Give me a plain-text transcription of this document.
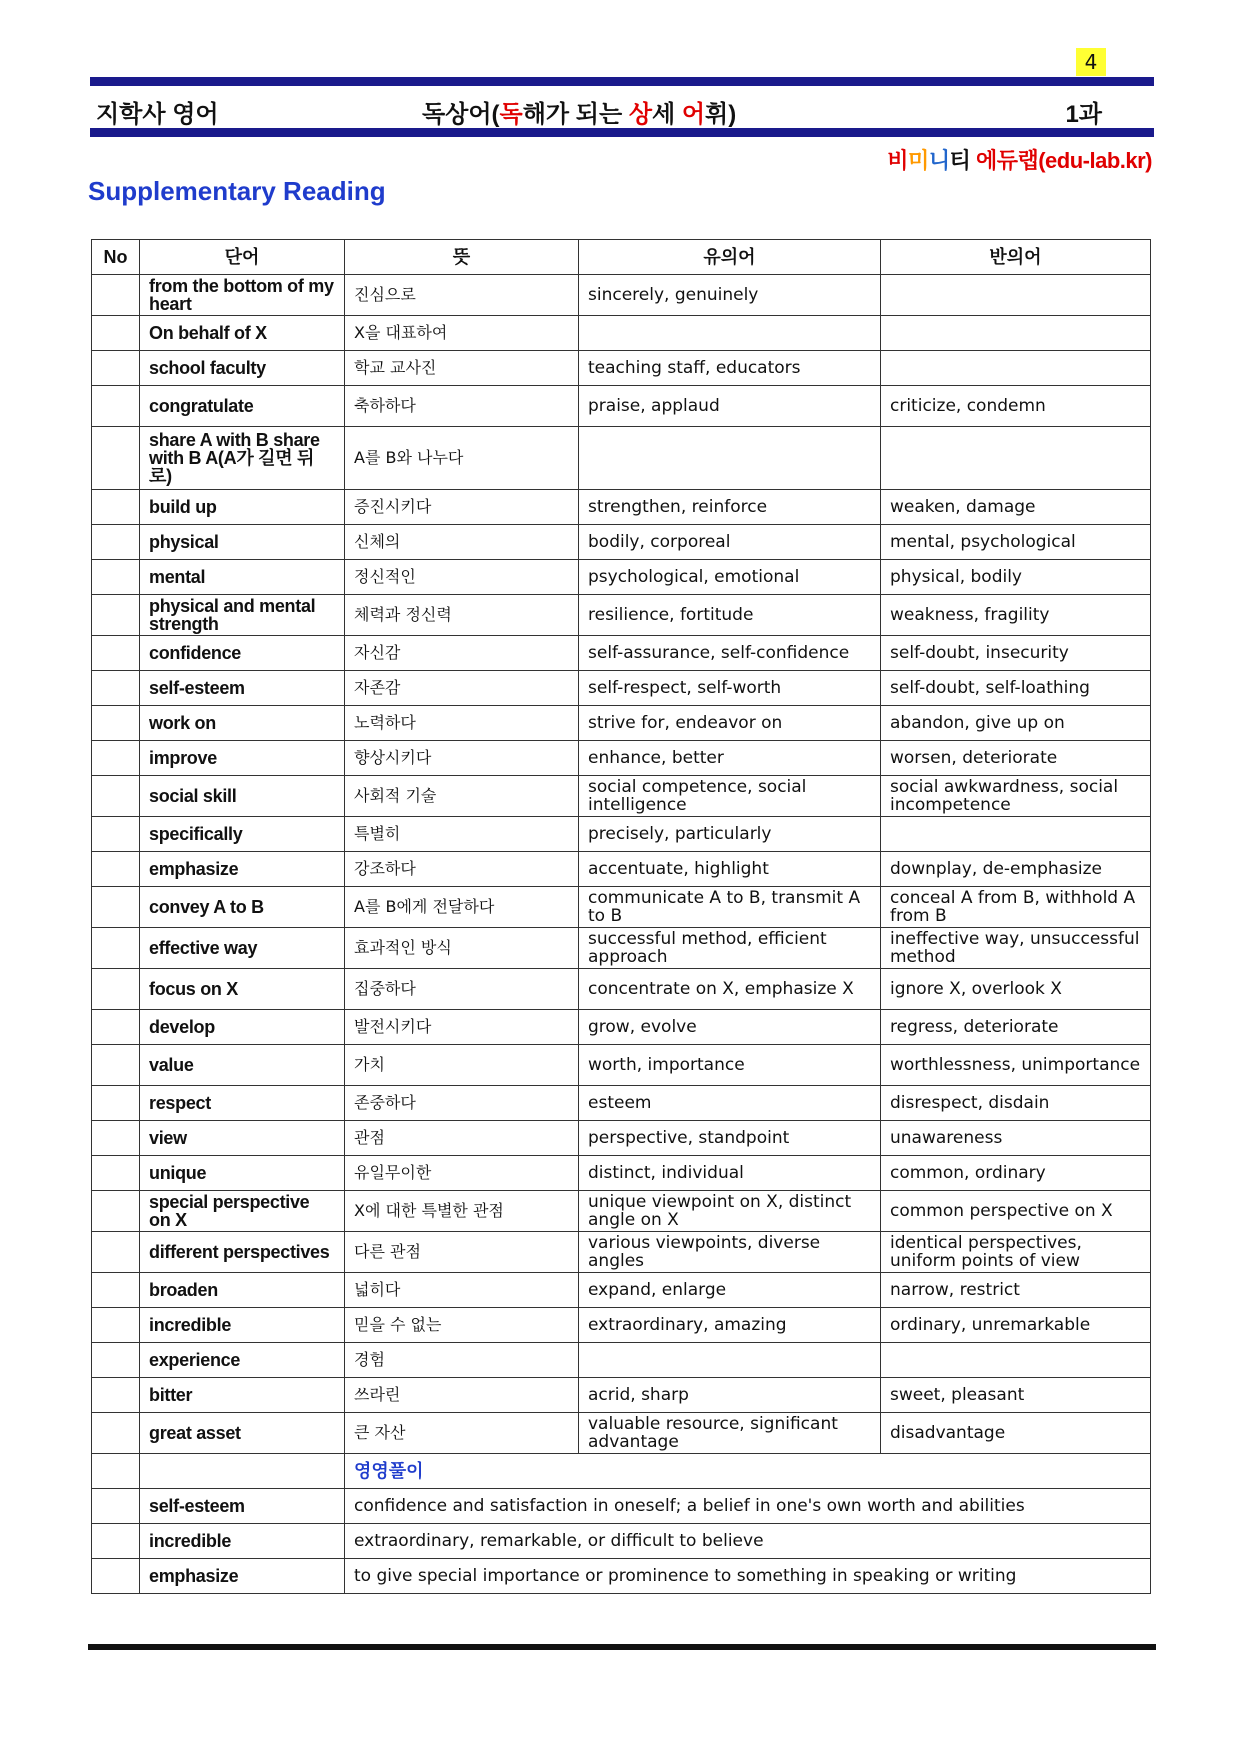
4
지학사 영어	독상어(독해가 되는 상세 어휘)	1과
비미니티 에듀랩(edu-lab.kr)
Supplementary Reading
No	단어	뜻	유의어	반의어
	from the bottom of my heart	진심으로	sincerely, genuinely	
	On behalf of X	X을 대표하여		
	school faculty	학교 교사진	teaching staff, educators	
	congratulate	축하하다	praise, applaud	criticize, condemn
	share A with B share with B A(A가 길면 뒤로)	A를 B와 나누다		
	build up	증진시키다	strengthen, reinforce	weaken, damage
	physical	신체의	bodily, corporeal	mental, psychological
	mental	정신적인	psychological, emotional	physical, bodily
	physical and mental strength	체력과 정신력	resilience, fortitude	weakness, fragility
	confidence	자신감	self-assurance, self-confidence	self-doubt, insecurity
	self-esteem	자존감	self-respect, self-worth	self-doubt, self-loathing
	work on	노력하다	strive for, endeavor on	abandon, give up on
	improve	향상시키다	enhance, better	worsen, deteriorate
	social skill	사회적 기술	social competence, social intelligence	social awkwardness, social incompetence
	specifically	특별히	precisely, particularly	
	emphasize	강조하다	accentuate, highlight	downplay, de-emphasize
	convey A to B	A를 B에게 전달하다	communicate A to B, transmit A to B	conceal A from B, withhold A from B
	effective way	효과적인 방식	successful method, efficient approach	ineffective way, unsuccessful method
	focus on X	집중하다	concentrate on X, emphasize X	ignore X, overlook X
	develop	발전시키다	grow, evolve	regress, deteriorate
	value	가치	worth, importance	worthlessness, unimportance
	respect	존중하다	esteem	disrespect, disdain
	view	관점	perspective, standpoint	unawareness
	unique	유일무이한	distinct, individual	common, ordinary
	special perspective on X	X에 대한 특별한 관점	unique viewpoint on X, distinct angle on X	common perspective on X
	different perspectives	다른 관점	various viewpoints, diverse angles	identical perspectives, uniform points of view
	broaden	넓히다	expand, enlarge	narrow, restrict
	incredible	믿을 수 없는	extraordinary, amazing	ordinary, unremarkable
	experience	경험		
	bitter	쓰라린	acrid, sharp	sweet, pleasant
	great asset	큰 자산	valuable resource, significant advantage	disadvantage
		영영풀이		
	self-esteem	confidence and satisfaction in oneself; a belief in one's own worth and abilities		
	incredible	extraordinary, remarkable, or difficult to believe		
	emphasize	to give special importance or prominence to something in speaking or writing		
